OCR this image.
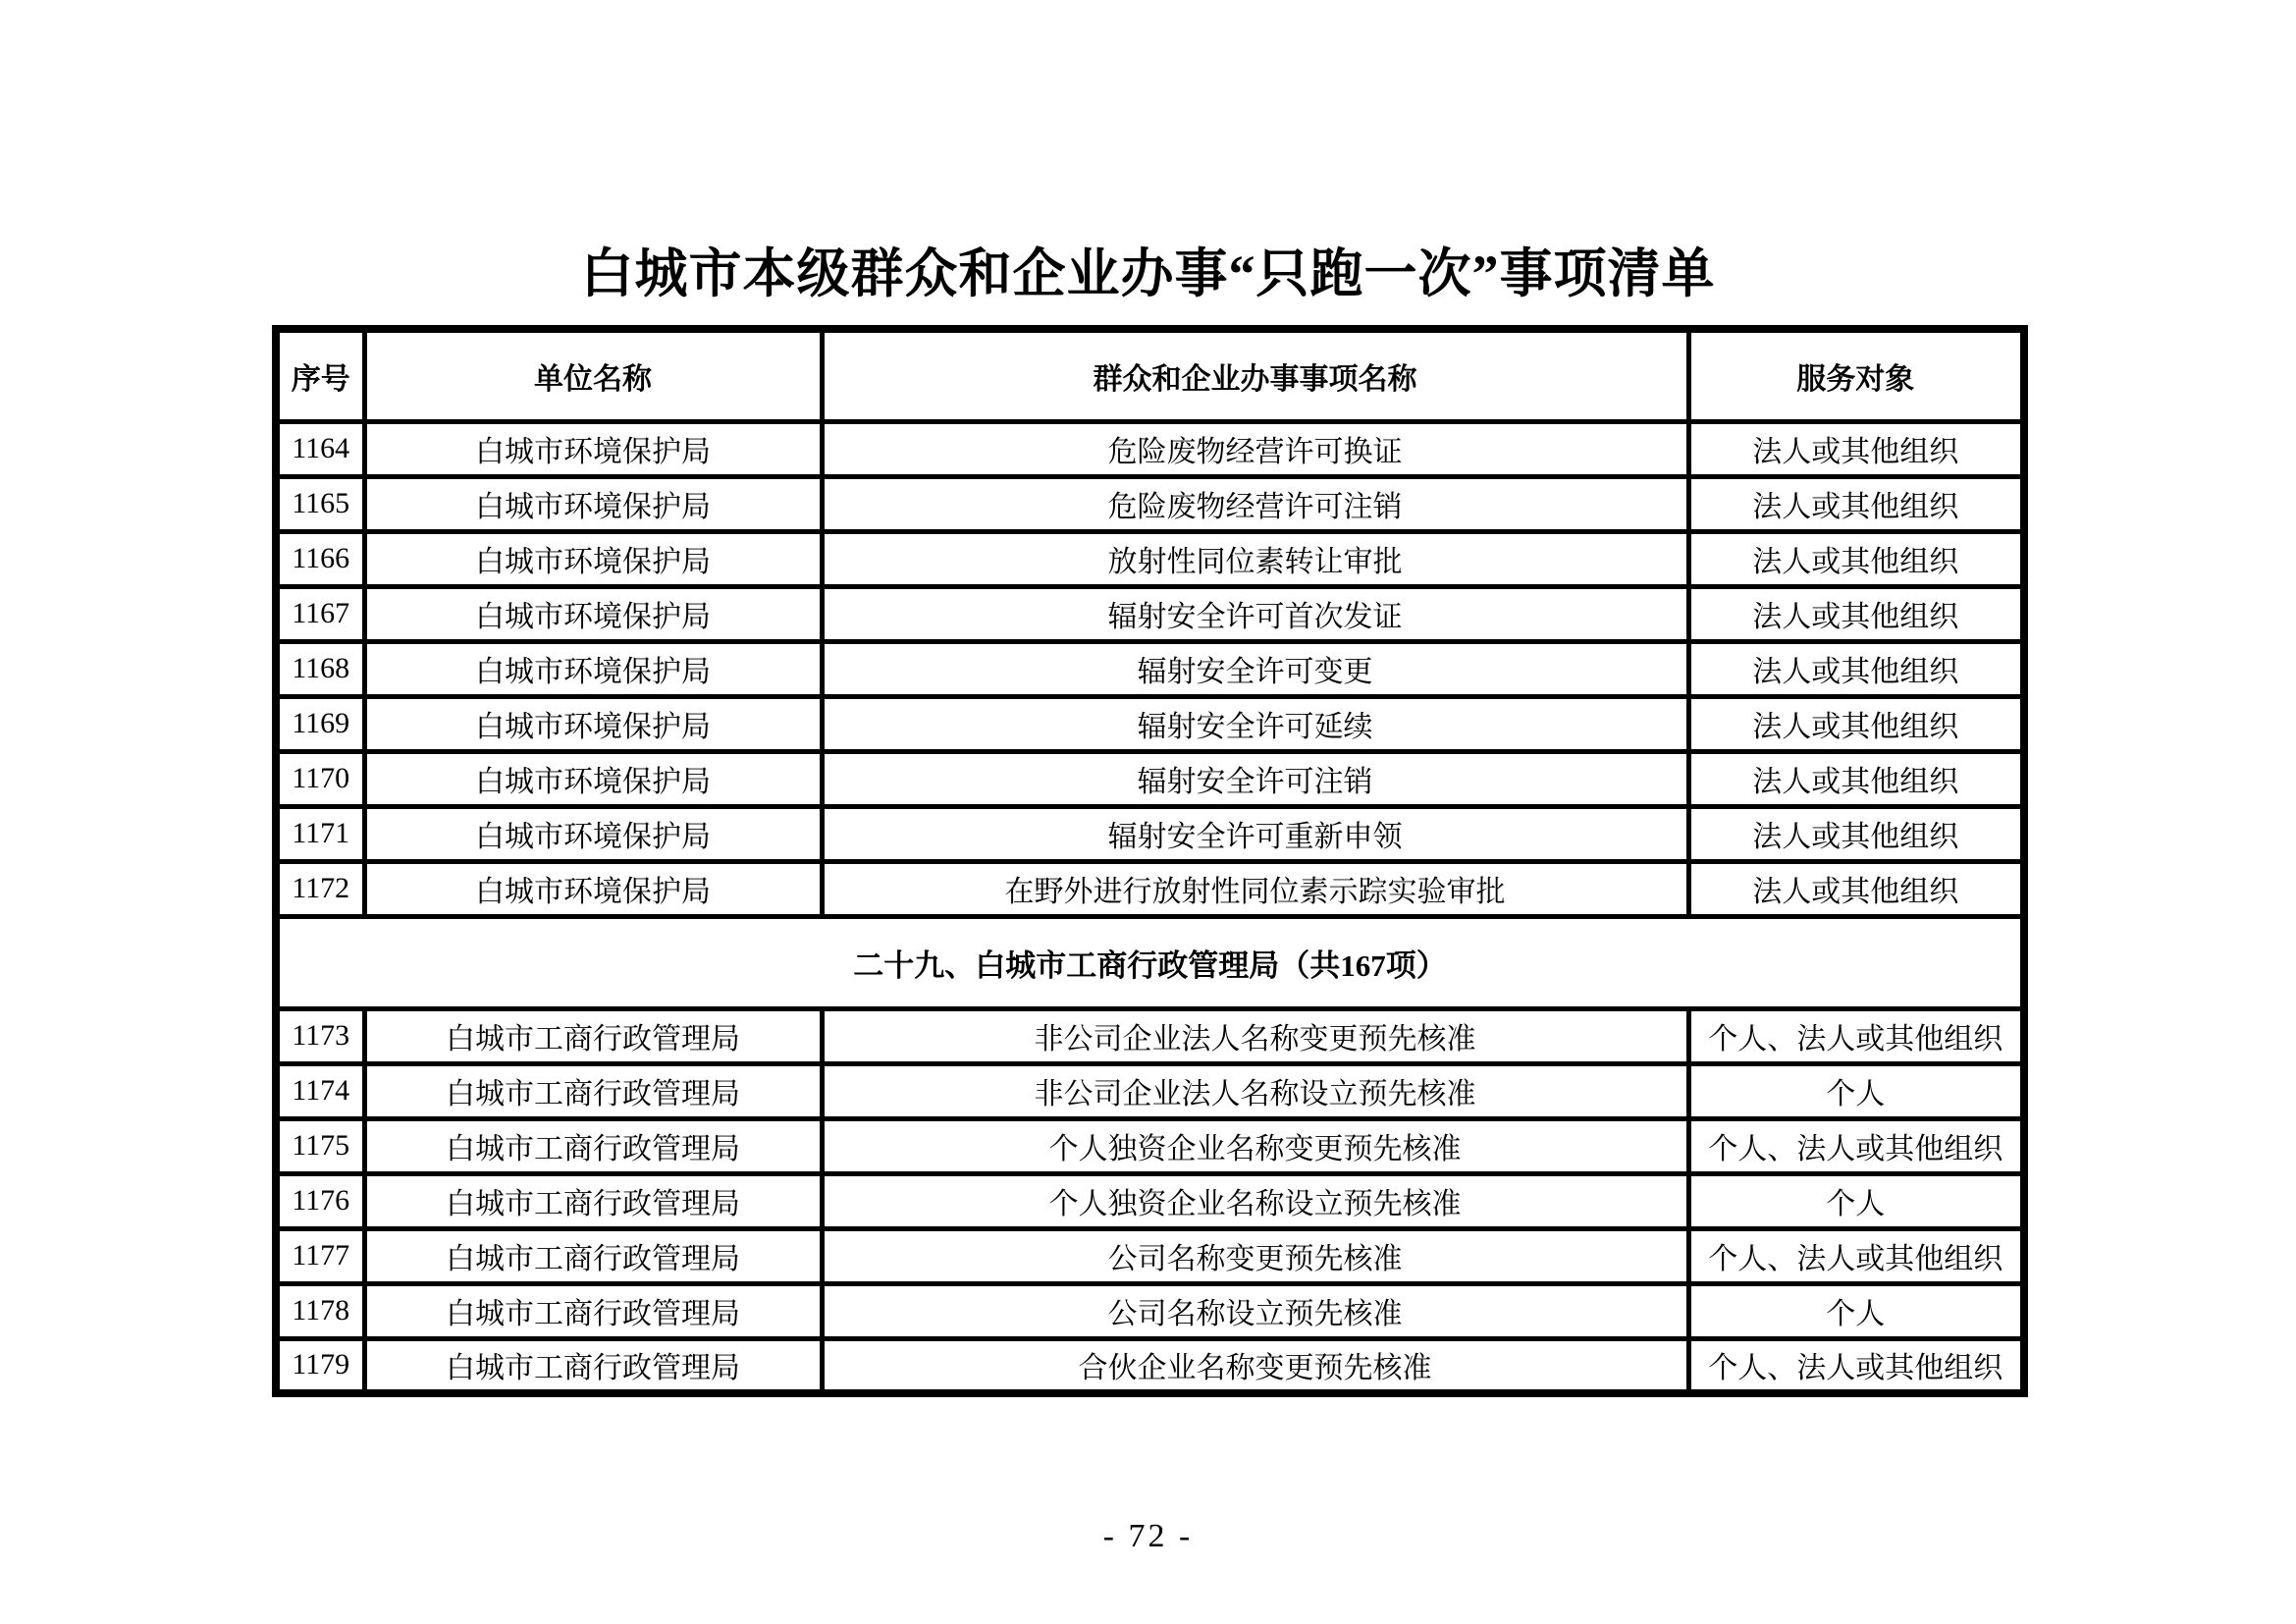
白城市本级群众和企业办事“只跑一次”事项清单
序号	单位名称	群众和企业办事事项名称	服务对象
1164	白城市环境保护局	危险废物经营许可换证	法人或其他组织
1165	白城市环境保护局	危险废物经营许可注销	法人或其他组织
1166	白城市环境保护局	放射性同位素转让审批	法人或其他组织
1167	白城市环境保护局	辐射安全许可首次发证	法人或其他组织
1168	白城市环境保护局	辐射安全许可变更	法人或其他组织
1169	白城市环境保护局	辐射安全许可延续	法人或其他组织
1170	白城市环境保护局	辐射安全许可注销	法人或其他组织
1171	白城市环境保护局	辐射安全许可重新申领	法人或其他组织
1172	白城市环境保护局	在野外进行放射性同位素示踪实验审批	法人或其他组织
二十九、白城市工商行政管理局（共167项）			
1173	白城市工商行政管理局	非公司企业法人名称变更预先核准	个人、法人或其他组织
1174	白城市工商行政管理局	非公司企业法人名称设立预先核准	个人
1175	白城市工商行政管理局	个人独资企业名称变更预先核准	个人、法人或其他组织
1176	白城市工商行政管理局	个人独资企业名称设立预先核准	个人
1177	白城市工商行政管理局	公司名称变更预先核准	个人、法人或其他组织
1178	白城市工商行政管理局	公司名称设立预先核准	个人
1179	白城市工商行政管理局	合伙企业名称变更预先核准	个人、法人或其他组织
- 72 -
